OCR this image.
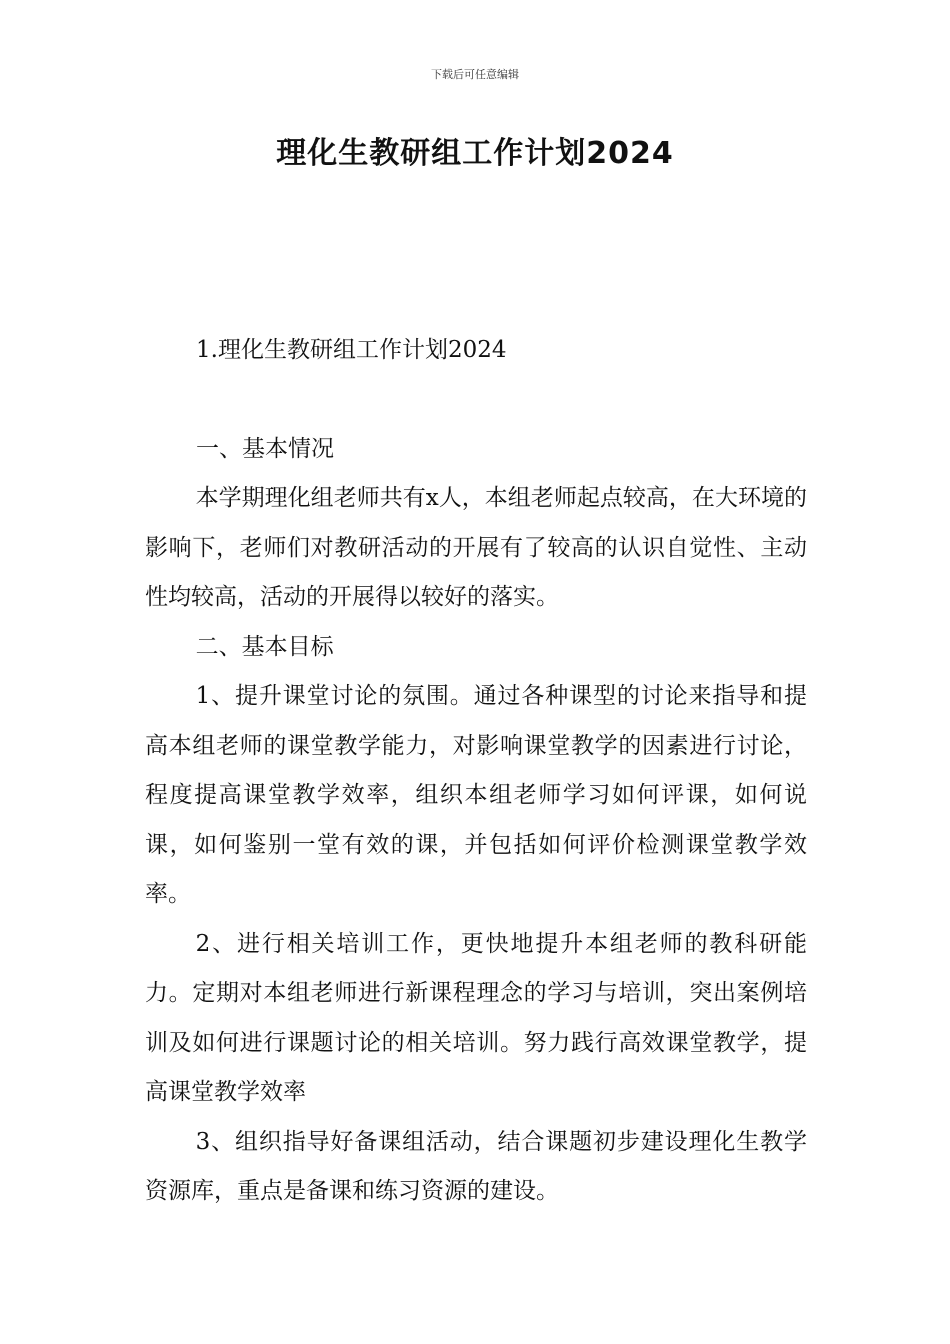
下载后可任意编辑
理化生教研组工作计划2024
1.理化生教研组工作计划2024
一、基本情况

本学期理化组老师共有x人，本组老师起点较高，在大环境的影响下，老师们对教研活动的开展有了较高的认识自觉性、主动性均较高，活动的开展得以较好的落实。

二、基本目标

1、提升课堂讨论的氛围。通过各种课型的讨论来指导和提高本组老师的课堂教学能力，对影响课堂教学的因素进行讨论，程度提高课堂教学效率，组织本组老师学习如何评课，如何说课，如何鉴别一堂有效的课，并包括如何评价检测课堂教学效率。

2、进行相关培训工作，更快地提升本组老师的教科研能力。定期对本组老师进行新课程理念的学习与培训，突出案例培训及如何进行课题讨论的相关培训。努力践行高效课堂教学，提高课堂教学效率

3、组织指导好备课组活动，结合课题初步建设理化生教学资源库，重点是备课和练习资源的建设。
